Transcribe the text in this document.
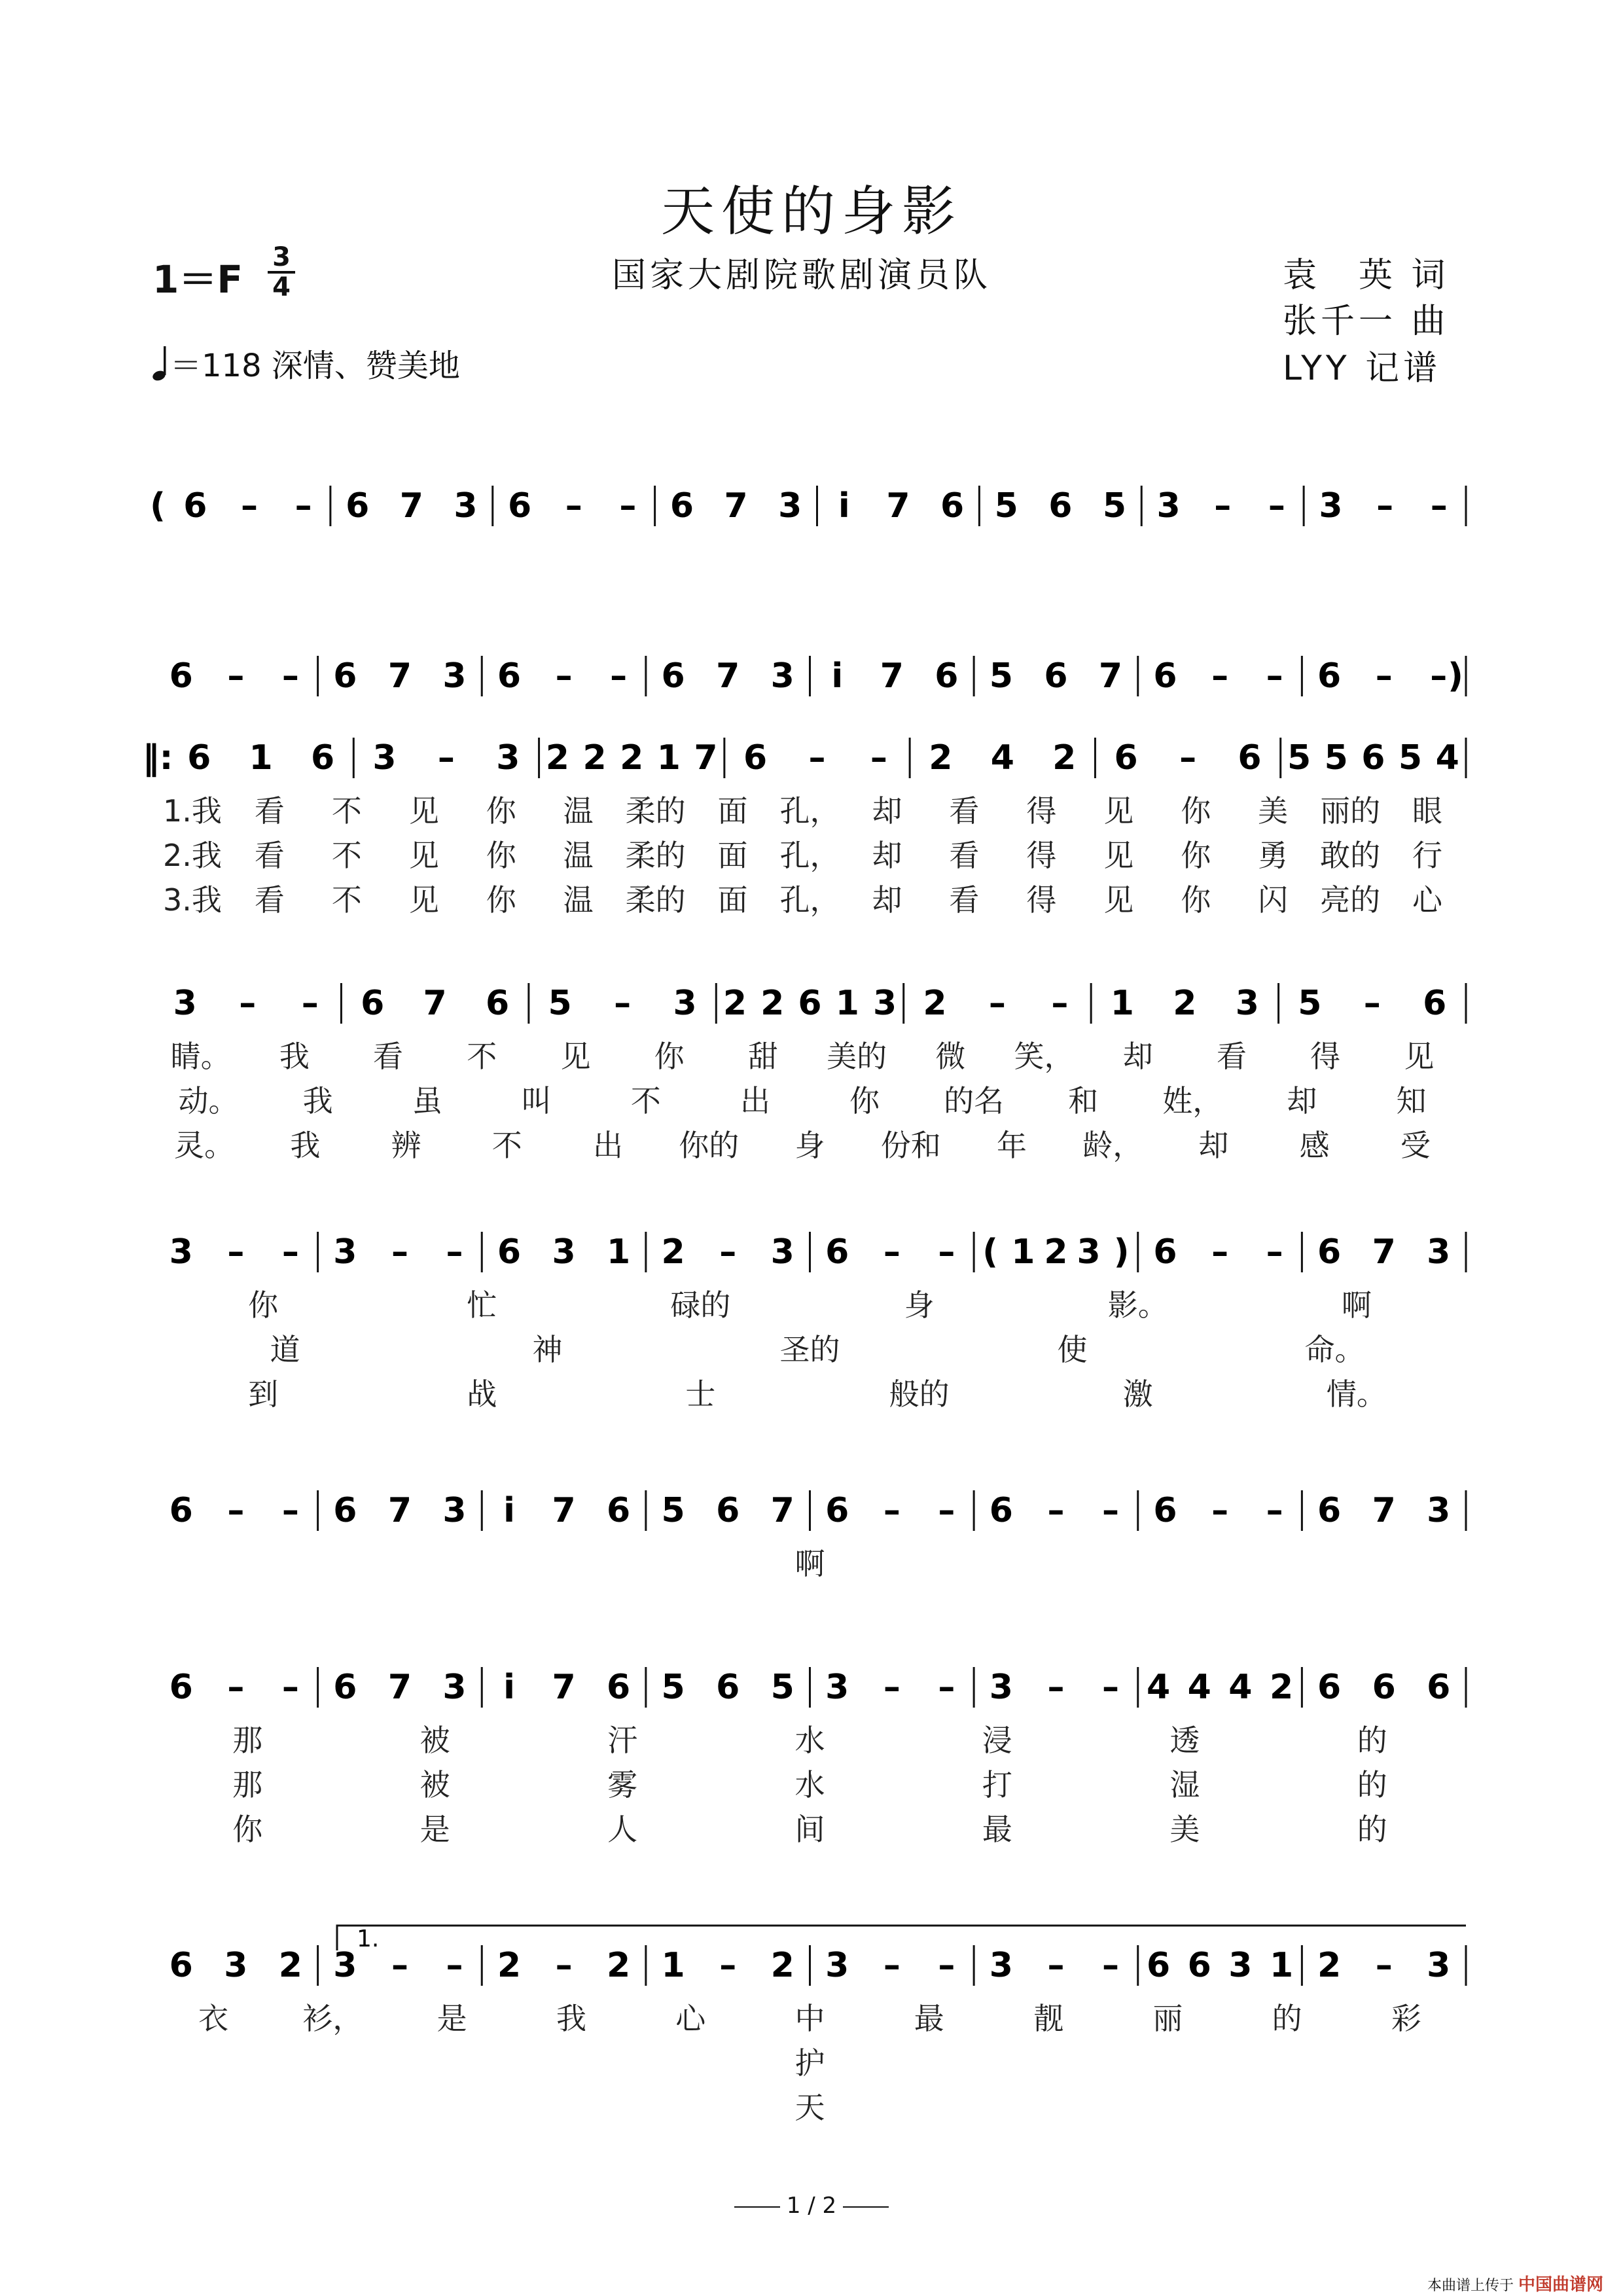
天使的身影
1＝F 3
4	国家大剧院歌剧演员队	袁　英 词
张千一 曲
LYY 记谱
＝118 深情、赞美地
( 6 – – 6 7 3 6 – – 6 7 3 i 7 6 5 6 5 3 – – 3 – –
6 – – 6 7 3 6 – – 6 7 3 i 7 6 5 6 7 6 – – 6 – – )
‖: 6 1 6 3 – 3 2 2 2 1 7 6 – – 2 4 2 6 – 6 5 5 6 5 4
1.我 看 不 见 你 温 柔的 面 孔， 却 看 得 见 你 美 丽的 眼
2.我 看 不 见 你 温 柔的 面 孔， 却 看 得 见 你 勇 敢的 行
3.我 看 不 见 你 温 柔的 面 孔， 却 看 得 见 你 闪 亮的 心
3 – – 6 7 6 5 – 3 2 2 6 1 3 2 – – 1 2 3 5 – 6
睛。 我 看 不 见 你 甜 美的 微 笑， 却 看 得 见
动。 我	虽	叫	不	出	你 的名 和 姓， 却	知
灵。 我 辨 不 出 你的 身 份和 年 龄， 却 感 受
3 – – 3 – – 6 3 1 2 – 3 6 – – ( 1 2 3 ) 6 – – 6 7 3
你	忙	碌的	身	影。	啊
道	神	圣的	使	命。
到	战	士	般的	激	情。
6 – – 6 7 3 i 7 6 5 6 7 6 – – 6 – – 6 – – 6 7 3
啊
6 – – 6 7 3 i 7 6 5 6 5 3 – – 3 – – 4 4 4 2 6 6 6
那	被	汗	水	浸	透	的
那	被	雾	水	打	湿	的
你	是	人	间	最	美	的
1.
6 3 2 3 – – 2 – 2 1 – 2 3 – – 3 – – 6 6 3 1 2 – 3
衣 衫， 是	我	心	中	最	靓	丽	的	彩
护
天
1 / 2
本曲谱上传于 中国曲谱网
